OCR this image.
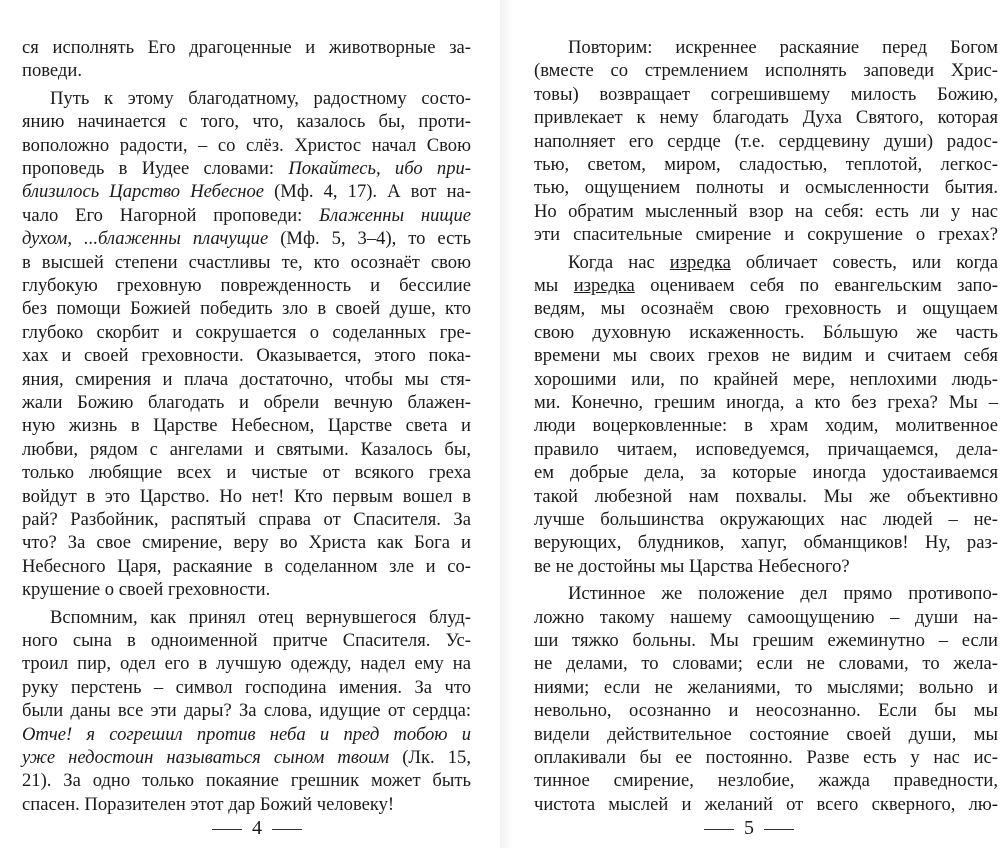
ся исполнять Его драгоценные и животворные за-

поведи.

Путь к этому благодатному, радостному состо-

янию начинается с того, что, казалось бы, проти-

воположно радости, – со слёз. Христос начал Свою

проповедь в Иудее словами: Покайтесь, ибо при-

близилось Царство Небесное (Мф. 4, 17). А вот на-

чало Его Нагорной проповеди: Блаженны нищие

духом, ...блаженны плачущие (Мф. 5, 3–4), то есть

в высшей степени счастливы те, кто осознаёт свою

глубокую греховную поврежденность и бессилие

без помощи Божией победить зло в своей душе, кто

глубоко скорбит и сокрушается о соделанных гре-

хах и своей греховности. Оказывается, этого пока-

яния, смирения и плача достаточно, чтобы мы стя-

жали Божию благодать и обрели вечную блажен-

ную жизнь в Царстве Небесном, Царстве света и

любви, рядом с ангелами и святыми. Казалось бы,

только любящие всех и чистые от всякого греха

войдут в это Царство. Но нет! Кто первым вошел в

рай? Разбойник, распятый справа от Спасителя. За

что? За свое смирение, веру во Христа как Бога и

Небесного Царя, раскаяние в соделанном зле и со-

крушение о своей греховности.

Вспомним, как принял отец вернувшегося блуд-

ного сына в одноименной притче Спасителя. Ус-

троил пир, одел его в лучшую одежду, надел ему на

руку перстень – символ господина имения. За что

были даны все эти дары? За слова, идущие от сердца:

Отче! я согрешил против неба и пред тобою и

уже недостоин называться сыном твоим (Лк. 15,

21). За одно только покаяние грешник может быть

спасен. Поразителен этот дар Божий человеку!

4

Повторим: искреннее раскаяние перед Богом

(вместе со стремлением исполнять заповеди Хрис-

товы) возвращает согрешившему милость Божию,

привлекает к нему благодать Духа Святого, которая

наполняет его сердце (т.е. сердцевину души) радос-

тью, светом, миром, сладостью, теплотой, легкос-

тью, ощущением полноты и осмысленности бытия.

Но обратим мысленный взор на себя: есть ли у нас

эти спасительные смирение и сокрушение о грехах?

Когда нас изредка обличает совесть, или когда

мы изредка оцениваем себя по евангельским запо-

ведям, мы осознаём свою греховность и ощущаем

свою духовную искаженность. Бóльшую же часть

времени мы своих грехов не видим и считаем себя

хорошими или, по крайней мере, неплохими людь-

ми. Конечно, грешим иногда, а кто без греха? Мы –

люди воцерковленные: в храм ходим, молитвенное

правило читаем, исповедуемся, причащаемся, дела-

ем добрые дела, за которые иногда удостаиваемся

такой любезной нам похвалы. Мы же объективно

лучше большинства окружающих нас людей – не-

верующих, блудников, хапуг, обманщиков! Ну, раз-

ве не достойны мы Царства Небесного?

Истинное же положение дел прямо противопо-

ложно такому нашему самоощущению – души на-

ши тяжко больны. Мы грешим ежеминутно – если

не делами, то словами; если не словами, то желa-

ниями; если не желаниями, то мыслями; вольно и

невольно, осознанно и неосознанно. Если бы мы

видели действительное состояние своей души, мы

оплакивали бы ее постоянно. Разве есть у нас ис-

тинное смирение, незлобие, жажда праведности,

чистота мыслей и желаний от всего скверного, лю-

5
